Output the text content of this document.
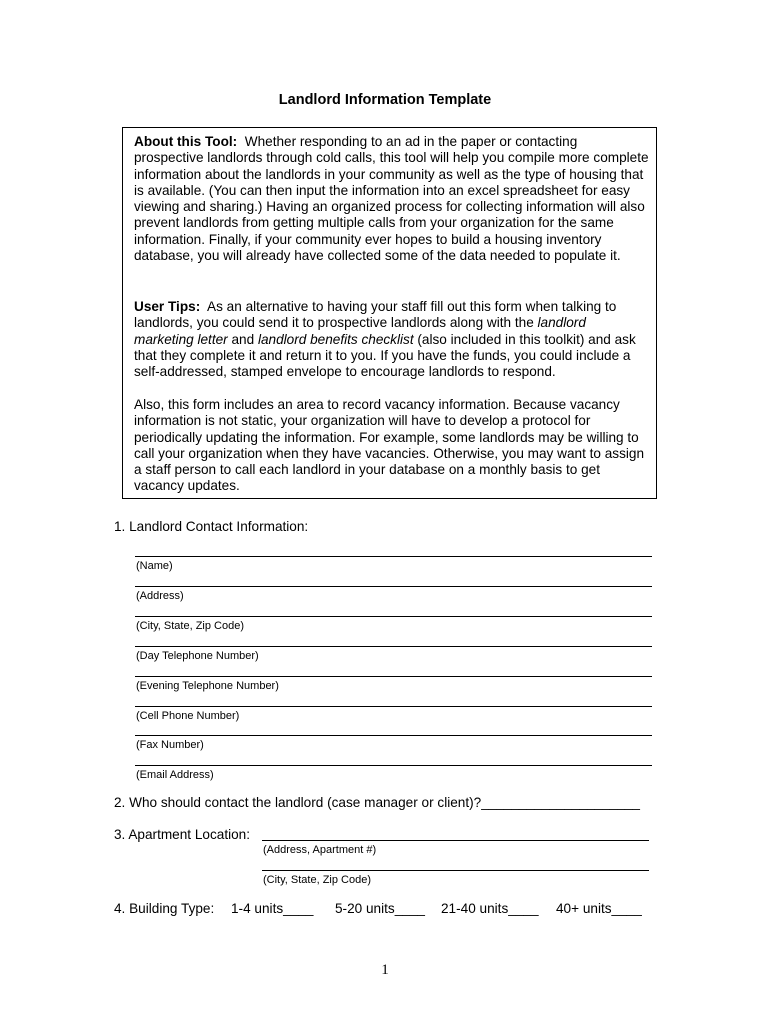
Landlord Information Template
About this Tool: Whether responding to an ad in the paper or contacting prospective landlords through cold calls, this tool will help you compile more complete information about the landlords in your community as well as the type of housing that is available. (You can then input the information into an excel spreadsheet for easy viewing and sharing.) Having an organized process for collecting information will also prevent landlords from getting multiple calls from your organization for the same information. Finally, if your community ever hopes to build a housing inventory database, you will already have collected some of the data needed to populate it.
User Tips: As an alternative to having your staff fill out this form when talking to landlords, you could send it to prospective landlords along with the landlord marketing letter and landlord benefits checklist (also included in this toolkit) and ask that they complete it and return it to you. If you have the funds, you could include a self-addressed, stamped envelope to encourage landlords to respond.
Also, this form includes an area to record vacancy information. Because vacancy information is not static, your organization will have to develop a protocol for periodically updating the information. For example, some landlords may be willing to call your organization when they have vacancies. Otherwise, you may want to assign a staff person to call each landlord in your database on a monthly basis to get vacancy updates.
1. Landlord Contact Information:
(Name)
(Address)
(City, State, Zip Code)
(Day Telephone Number)
(Evening Telephone Number)
(Cell Phone Number)
(Fax Number)
(Email Address)
2. Who should contact the landlord (case manager or client)?_____________________
3. Apartment Location:
(Address, Apartment #)
(City, State, Zip Code)
4. Building Type: 1-4 units____ 5-20 units____ 21-40 units____ 40+ units____
1
